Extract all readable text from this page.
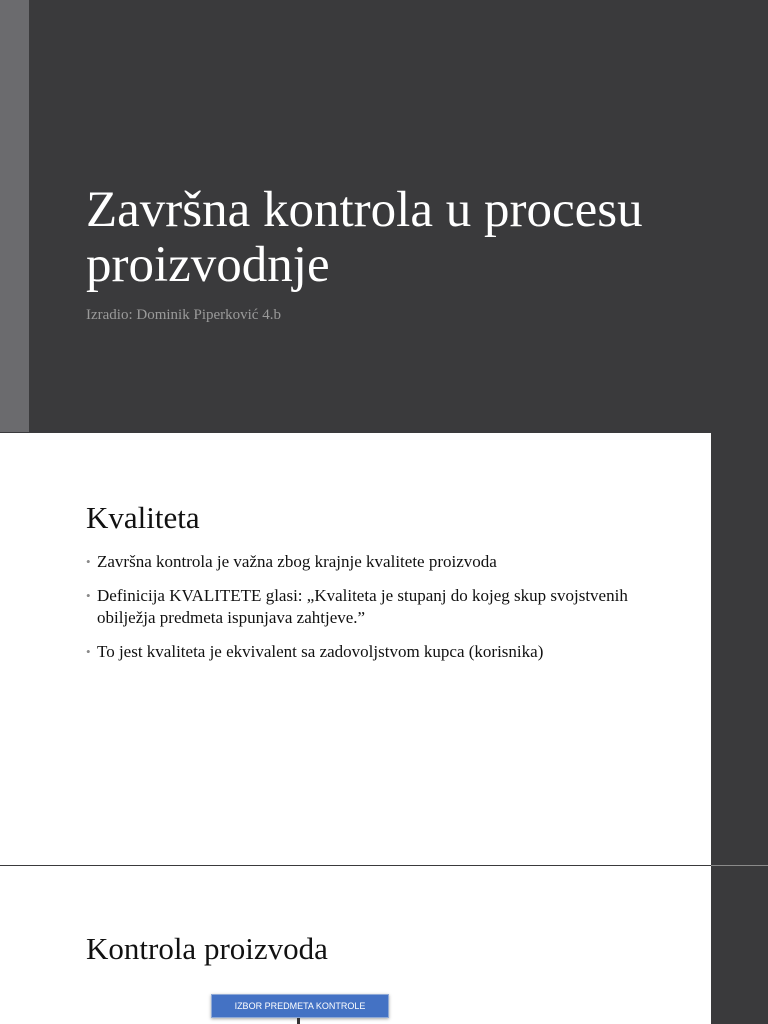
Završna kontrola u procesu proizvodnje

Izradio: Dominik Piperković 4.b

Kvaliteta
• Završna kontrola je važna zbog krajnje kvalitete proizvoda
• Definicija KVALITETE glasi: „Kvaliteta je stupanj do kojeg skup svojstvenih obilježja predmeta ispunjava zahtjeve.”
• To jest kvaliteta je ekvivalent sa zadovoljstvom kupca (korisnika)
Kontrola proizvoda
IZBOR PREDMETA KONTROLE
